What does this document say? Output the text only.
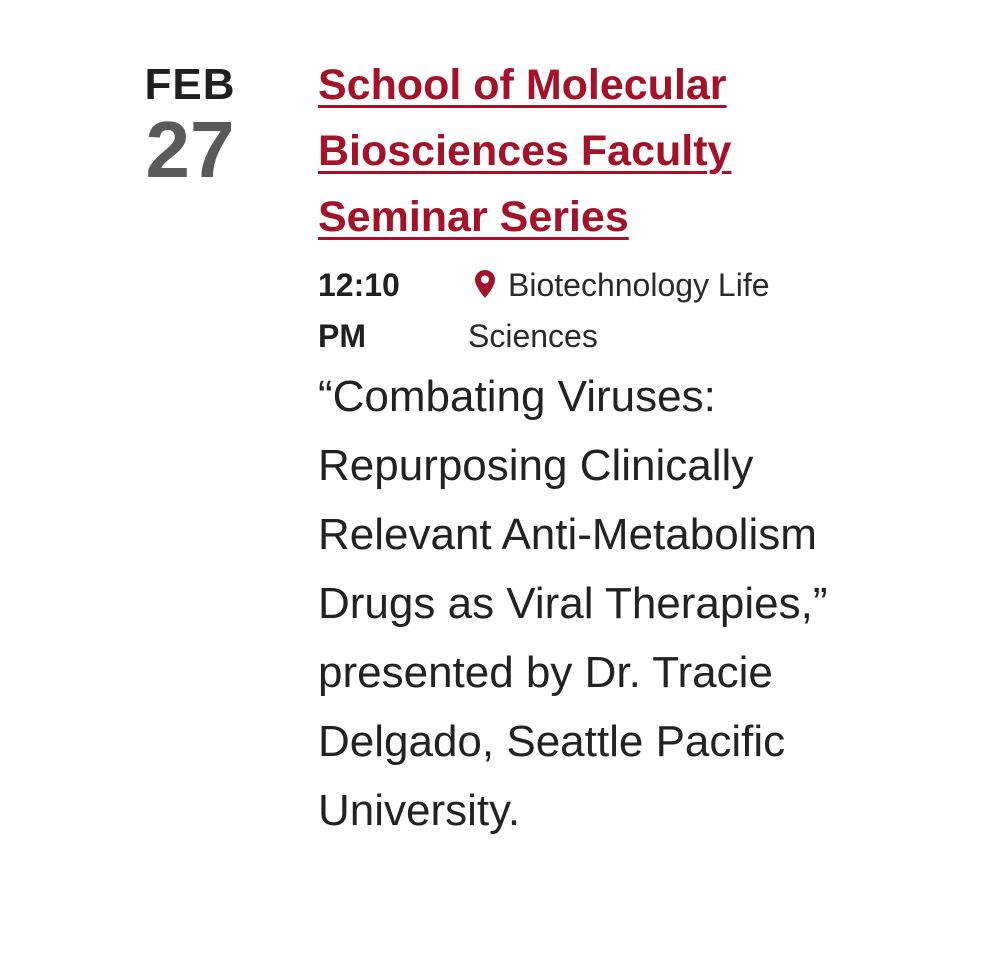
FEB
27
School of Molecular Biosciences Faculty Seminar Series
12:10 PM
Biotechnology Life Sciences
“Combating Viruses: Repurposing Clinically Relevant Anti-Metabolism Drugs as Viral Therapies,” presented by Dr. Tracie Delgado, Seattle Pacific University.
